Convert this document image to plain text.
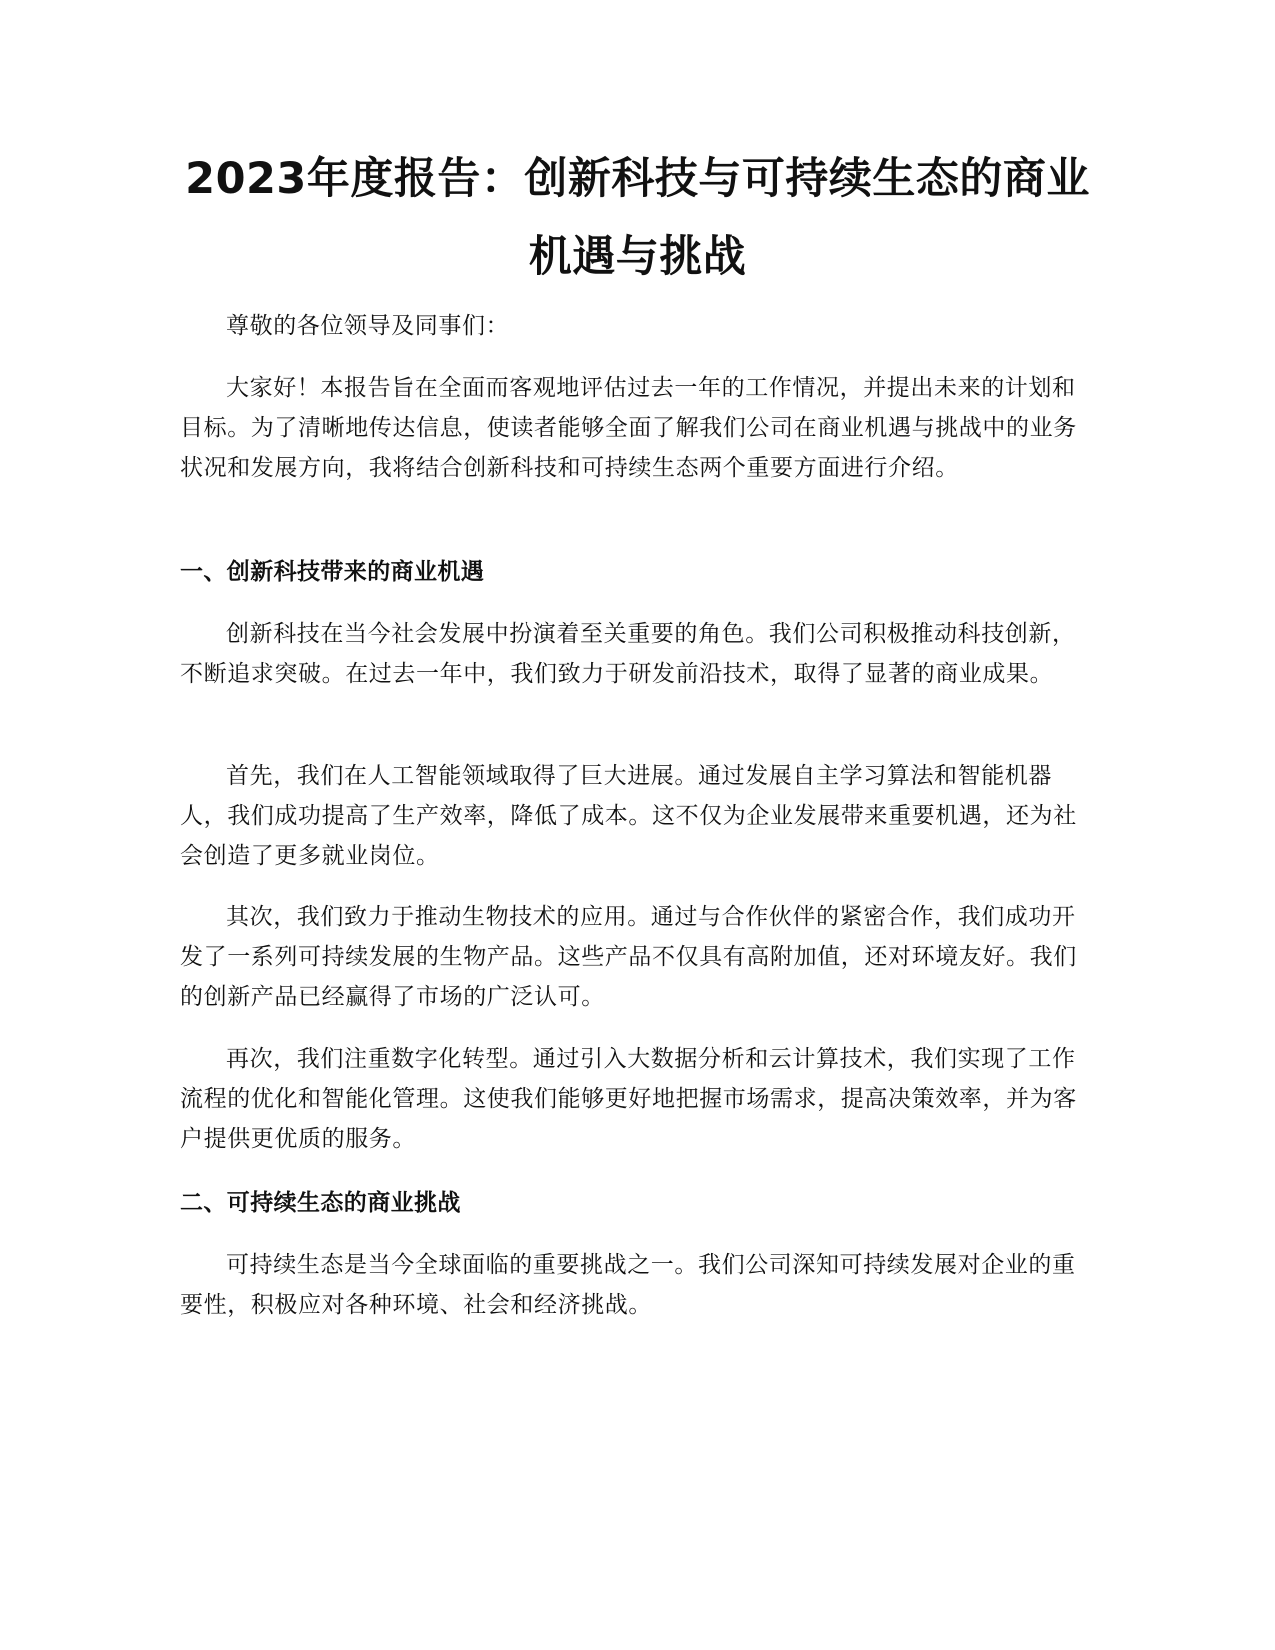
2023年度报告：创新科技与可持续生态的商业机遇与挑战

尊敬的各位领导及同事们：

大家好！本报告旨在全面而客观地评估过去一年的工作情况，并提出未来的计划和目标。为了清晰地传达信息，使读者能够全面了解我们公司在商业机遇与挑战中的业务状况和发展方向，我将结合创新科技和可持续生态两个重要方面进行介绍。

一、创新科技带来的商业机遇

创新科技在当今社会发展中扮演着至关重要的角色。我们公司积极推动科技创新，不断追求突破。在过去一年中，我们致力于研发前沿技术，取得了显著的商业成果。

首先，我们在人工智能领域取得了巨大进展。通过发展自主学习算法和智能机器人，我们成功提高了生产效率，降低了成本。这不仅为企业发展带来重要机遇，还为社会创造了更多就业岗位。

其次，我们致力于推动生物技术的应用。通过与合作伙伴的紧密合作，我们成功开发了一系列可持续发展的生物产品。这些产品不仅具有高附加值，还对环境友好。我们的创新产品已经赢得了市场的广泛认可。

再次，我们注重数字化转型。通过引入大数据分析和云计算技术，我们实现了工作流程的优化和智能化管理。这使我们能够更好地把握市场需求，提高决策效率，并为客户提供更优质的服务。

二、可持续生态的商业挑战

可持续生态是当今全球面临的重要挑战之一。我们公司深知可持续发展对企业的重要性，积极应对各种环境、社会和经济挑战。
